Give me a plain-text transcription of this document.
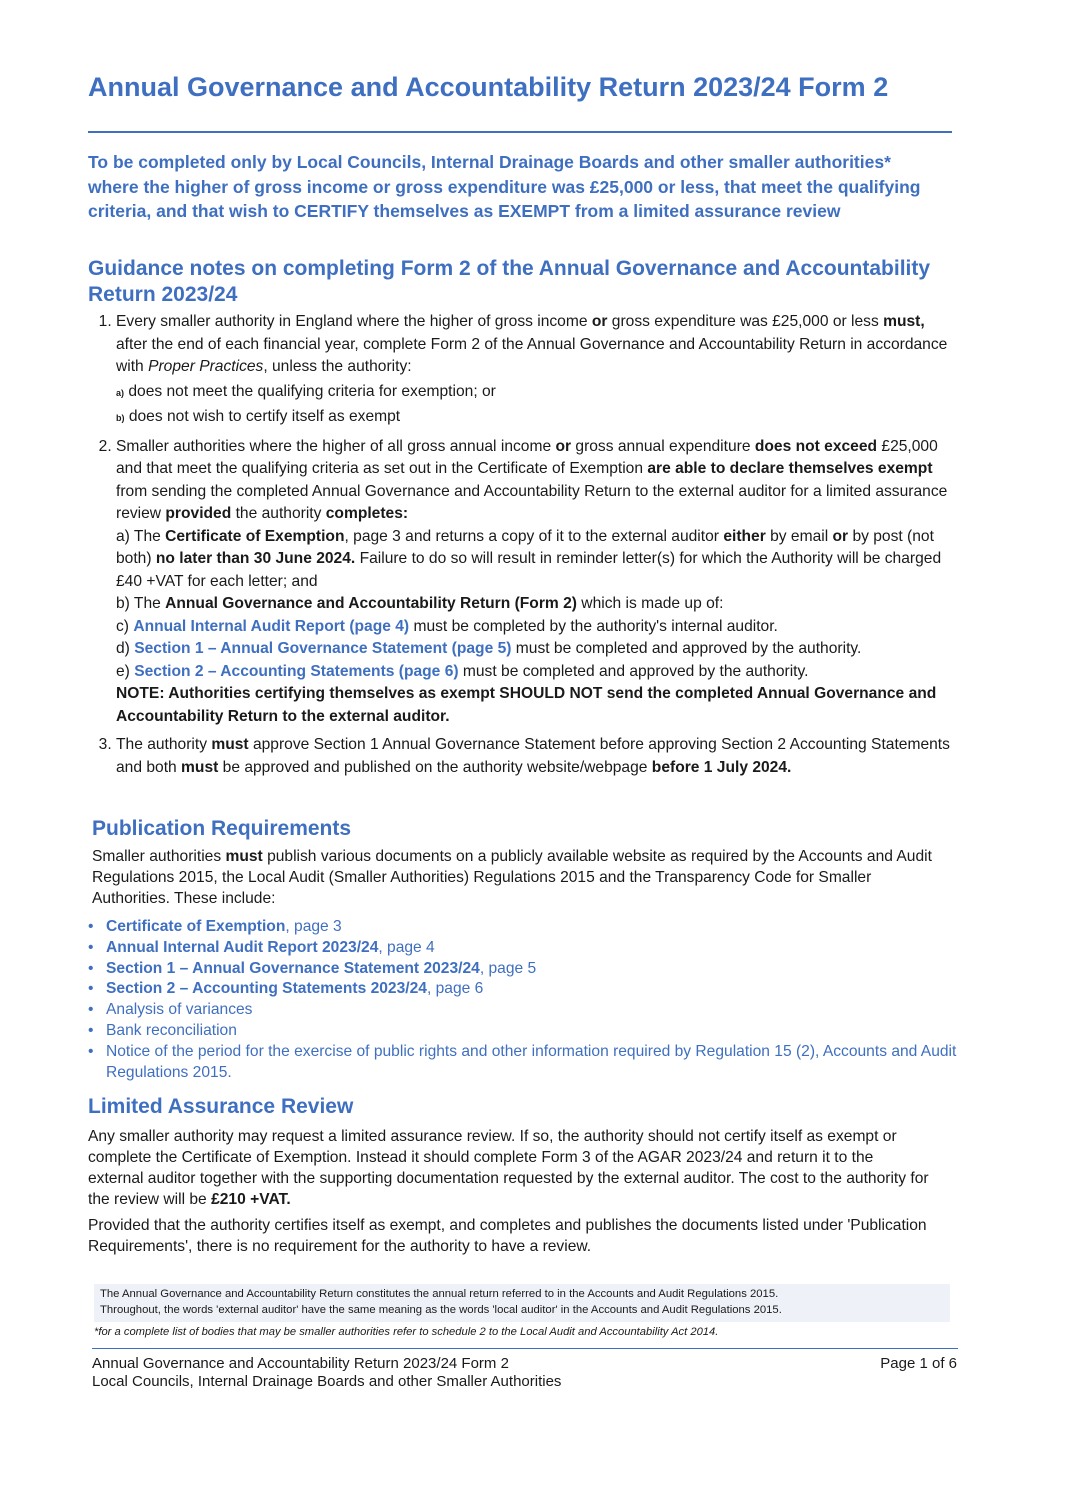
Annual Governance and Accountability Return 2023/24 Form 2

To be completed only by Local Councils, Internal Drainage Boards and other smaller authorities* where the higher of gross income or gross expenditure was £25,000 or less, that meet the qualifying criteria, and that wish to CERTIFY themselves as EXEMPT from a limited assurance review

Guidance notes on completing Form 2 of the Annual Governance and Accountability Return 2023/24
1. Every smaller authority in England where the higher of gross income or gross expenditure was £25,000 or less must, after the end of each financial year, complete Form 2 of the Annual Governance and Accountability Return in accordance with Proper Practices, unless the authority:
a) does not meet the qualifying criteria for exemption; or
b) does not wish to certify itself as exempt
2. Smaller authorities where the higher of all gross annual income or gross annual expenditure does not exceed £25,000 and that meet the qualifying criteria as set out in the Certificate of Exemption are able to declare themselves exempt from sending the completed Annual Governance and Accountability Return to the external auditor for a limited assurance review provided the authority completes:
a) The Certificate of Exemption, page 3 and returns a copy of it to the external auditor either by email or by post (not both) no later than 30 June 2024. Failure to do so will result in reminder letter(s) for which the Authority will be charged £40 +VAT for each letter; and
b) The Annual Governance and Accountability Return (Form 2) which is made up of:
c) Annual Internal Audit Report (page 4) must be completed by the authority's internal auditor.
d) Section 1 – Annual Governance Statement (page 5) must be completed and approved by the authority.
e) Section 2 – Accounting Statements (page 6) must be completed and approved by the authority.
NOTE: Authorities certifying themselves as exempt SHOULD NOT send the completed Annual Governance and Accountability Return to the external auditor.
3. The authority must approve Section 1 Annual Governance Statement before approving Section 2 Accounting Statements and both must be approved and published on the authority website/webpage before 1 July 2024.
Publication Requirements

Smaller authorities must publish various documents on a publicly available website as required by the Accounts and Audit Regulations 2015, the Local Audit (Smaller Authorities) Regulations 2015 and the Transparency Code for Smaller Authorities. These include:

• Certificate of Exemption, page 3
• Annual Internal Audit Report 2023/24, page 4
• Section 1 – Annual Governance Statement 2023/24, page 5
• Section 2 – Accounting Statements 2023/24, page 6
• Analysis of variances
• Bank reconciliation
• Notice of the period for the exercise of public rights and other information required by Regulation 15 (2), Accounts and Audit Regulations 2015.
Limited Assurance Review

Any smaller authority may request a limited assurance review. If so, the authority should not certify itself as exempt or complete the Certificate of Exemption. Instead it should complete Form 3 of the AGAR 2023/24 and return it to the external auditor together with the supporting documentation requested by the external auditor. The cost to the authority for the review will be £210 +VAT.

Provided that the authority certifies itself as exempt, and completes and publishes the documents listed under 'Publication Requirements', there is no requirement for the authority to have a review.

The Annual Governance and Accountability Return constitutes the annual return referred to in the Accounts and Audit Regulations 2015.
Throughout, the words 'external auditor' have the same meaning as the words 'local auditor' in the Accounts and Audit Regulations 2015.

*for a complete list of bodies that may be smaller authorities refer to schedule 2 to the Local Audit and Accountability Act 2014.

Annual Governance and Accountability Return 2023/24 Form 2
Local Councils, Internal Drainage Boards and other Smaller Authorities

Page 1 of 6
